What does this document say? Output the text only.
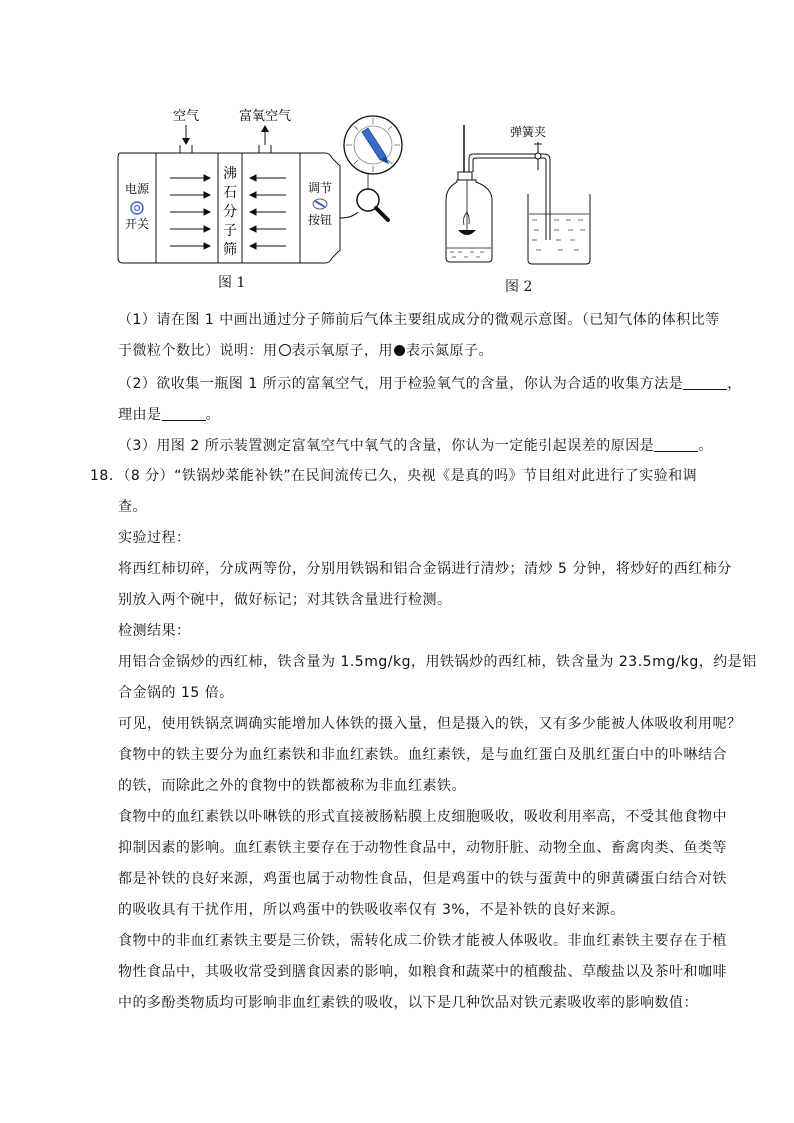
空气	富氧空气
电源
开关
沸
石
分
子
筛
调节
按钮
图 1
弹簧夹
图 2
（1）请在图 1 中画出通过分子筛前后气体主要组成成分的微观示意图。（已知气体的体积比等
于微粒个数比）说明：用 表示氧原子，用 表示氮原子。
（2）欲收集一瓶图 1 所示的富氧空气，用于检验氧气的含量，你认为合适的收集方法是	，
理由是	。
（3）用图 2 所示装置测定富氧空气中氧气的含量，你认为一定能引起误差的原因是	。
18．（8 分）“铁锅炒菜能补铁”在民间流传已久，央视《是真的吗》节目组对此进行了实验和调
查。
实验过程：
将西红柿切碎，分成两等份，分别用铁锅和铝合金锅进行清炒；清炒 5 分钟，将炒好的西红柿分
别放入两个碗中，做好标记；对其铁含量进行检测。
检测结果：
用铝合金锅炒的西红柿，铁含量为 1.5mg/kg，用铁锅炒的西红柿，铁含量为 23.5mg/kg，约是铝
合金锅的 15 倍。
可见，使用铁锅烹调确实能增加人体铁的摄入量，但是摄入的铁，又有多少能被人体吸收利用呢？
食物中的铁主要分为血红素铁和非血红素铁。血红素铁，是与血红蛋白及肌红蛋白中的卟啉结合
的铁，而除此之外的食物中的铁都被称为非血红素铁。
食物中的血红素铁以卟啉铁的形式直接被肠粘膜上皮细胞吸收，吸收利用率高，不受其他食物中
抑制因素的影响。血红素铁主要存在于动物性食品中，动物肝脏、动物全血、畜禽肉类、鱼类等
都是补铁的良好来源，鸡蛋也属于动物性食品，但是鸡蛋中的铁与蛋黄中的卵黄磷蛋白结合对铁
的吸收具有干扰作用，所以鸡蛋中的铁吸收率仅有 3%，不是补铁的良好来源。
食物中的非血红素铁主要是三价铁，需转化成二价铁才能被人体吸收。非血红素铁主要存在于植
物性食品中，其吸收常受到膳食因素的影响，如粮食和蔬菜中的植酸盐、草酸盐以及茶叶和咖啡
中的多酚类物质均可影响非血红素铁的吸收，以下是几种饮品对铁元素吸收率的影响数值：
